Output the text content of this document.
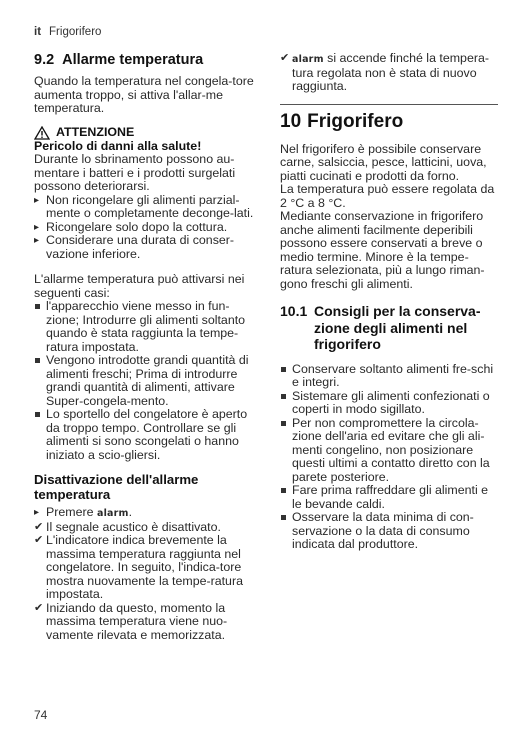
it Frigorifero
9.2 Allarme temperatura

Quando la temperatura nel congela-tore aumenta troppo, si attiva l'allar-me temperatura.

ATTENZIONE
Pericolo di danni alla salute!
Durante lo sbrinamento possono au-mentare i batteri e i prodotti surgelati possono deteriorarsi.
▸ Non ricongelare gli alimenti parzial-mente o completamente deconge-lati.
▸ Ricongelare solo dopo la cottura.
▸ Considerare una durata di conser-vazione inferiore.
L'allarme temperatura può attivarsi nei seguenti casi:
l'apparecchio viene messo in fun-zione; Introdurre gli alimenti soltanto quando è stata raggiunta la tempe-ratura impostata.
Vengono introdotte grandi quantità di alimenti freschi; Prima di introdurre grandi quantità di alimenti, attivare Super-congela-mento.
Lo sportello del congelatore è aperto da troppo tempo. Controllare se gli alimenti si sono scongelati o hanno iniziato a scio-gliersi.
Disattivazione dell'allarme temperatura
▸ Premere alarm.
✔ Il segnale acustico è disattivato.
✔ L'indicatore indica brevemente la massima temperatura raggiunta nel congelatore. In seguito, l'indica-tore mostra nuovamente la tempe-ratura impostata.
✔ Iniziando da questo, momento la massima temperatura viene nuo-vamente rilevata e memorizzata.
✔ alarm si accende finché la tempera-tura regolata non è stata di nuovo raggiunta.
10 Frigorifero
Nel frigorifero è possibile conservare carne, salsiccia, pesce, latticini, uova, piatti cucinati e prodotti da forno.
La temperatura può essere regolata da 2 °C a 8 °C.
Mediante conservazione in frigorifero anche alimenti facilmente deperibili possono essere conservati a breve o medio termine. Minore è la tempe-ratura selezionata, più a lungo riman-gono freschi gli alimenti.
10.1 Consigli per la conserva-zione degli alimenti nel frigorifero
Conservare soltanto alimenti fre-schi e integri.
Sistemare gli alimenti confezionati o coperti in modo sigillato.
Per non compromettere la circola-zione dell'aria ed evitare che gli ali-menti congelino, non posizionare questi ultimi a contatto diretto con la parete posteriore.
Fare prima raffreddare gli alimenti e le bevande caldi.
Osservare la data minima di con-servazione o la data di consumo indicata dal produttore.
74
